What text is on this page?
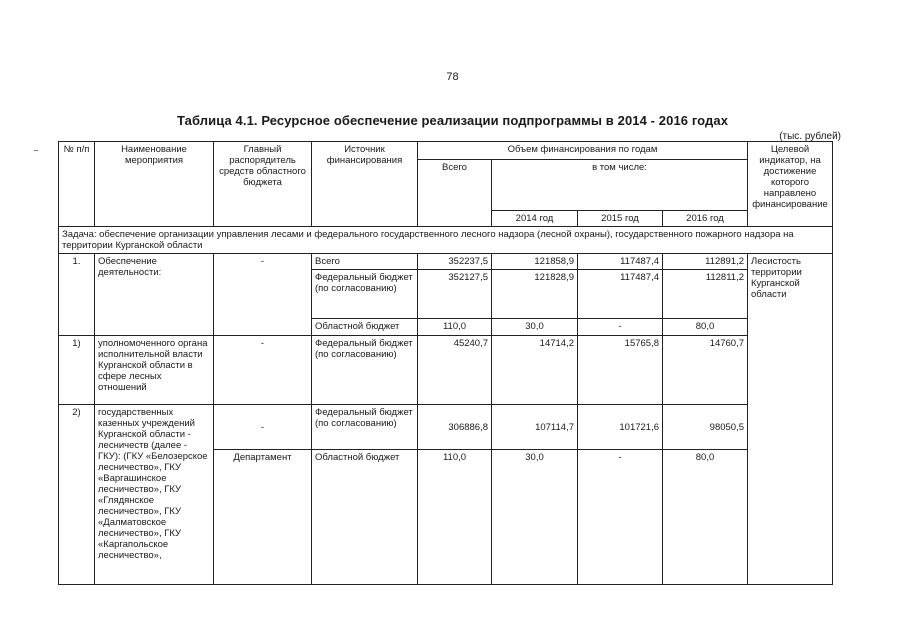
78
Таблица 4.1. Ресурсное обеспечение реализации подпрограммы в 2014 - 2016 годах
(тыс. рублей)
№ п/п	Наименование мероприятия	Главный распорядитель средств областного бюджета	Источник финансирования	Объем финансирования по годам				Целевой индикатор, на достижение которого направлено финансирование
				Всего	в том числе:			
					2014 год	2015 год	2016 год	
Задача: обеспечение организации управления лесами и федерального государственного лесного надзора (лесной охраны), государственного пожарного надзора на территории Курганской области								
1.	Обеспечение деятельности:	-	Всего	352237,5	121858,9	117487,4	112891,2	Лесистость территории Курганской области
			Федеральный бюджет (по согласованию)	352127,5	121828,9	117487,4	112811,2	
			Областной бюджет	110,0	30,0	-	80,0	
1)	уполномоченного органа исполнительной власти Курганской области в сфере лесных отношений	-	Федеральный бюджет (по согласованию)	45240,7	14714,2	15765,8	14760,7	
2)	государственных казенных учреждений Курганской области - лесничеств (далее - ГКУ): (ГКУ «Белозерское лесничество», ГКУ «Варгашинское лесничество», ГКУ «Глядянское лесничество», ГКУ «Далматовское лесничество», ГКУ «Каргапольское лесничество»,	-	Федеральный бюджет (по согласованию)	306886,8	107114,7	101721,6	98050,5	
		Департамент	Областной бюджет	110,0	30,0	-	80,0	
